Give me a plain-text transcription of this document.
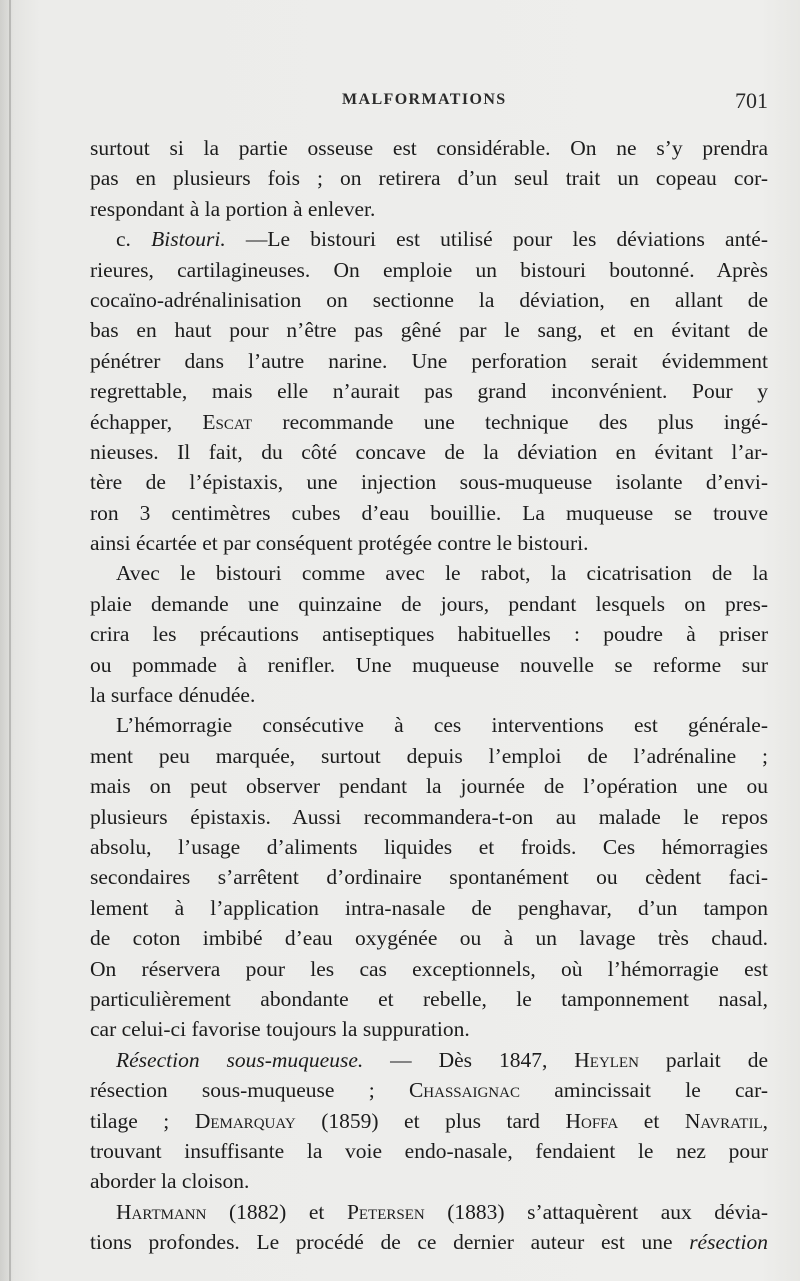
MALFORMATIONS	701
surtout si la partie osseuse est considérable. On ne s’y prendra
pas en plusieurs fois ; on retirera d’un seul trait un copeau cor-
respondant à la portion à enlever.
c. Bistouri. —Le bistouri est utilisé pour les déviations anté-
rieures, cartilagineuses. On emploie un bistouri boutonné. Après
cocaïno-adrénalinisation on sectionne la déviation, en allant de
bas en haut pour n’être pas gêné par le sang, et en évitant de
pénétrer dans l’autre narine. Une perforation serait évidemment
regrettable, mais elle n’aurait pas grand inconvénient. Pour y
échapper, Escat recommande une technique des plus ingé-
nieuses. Il fait, du côté concave de la déviation en évitant l’ar-
tère de l’épistaxis, une injection sous-muqueuse isolante d’envi-
ron 3 centimètres cubes d’eau bouillie. La muqueuse se trouve
ainsi écartée et par conséquent protégée contre le bistouri.
Avec le bistouri comme avec le rabot, la cicatrisation de la
plaie demande une quinzaine de jours, pendant lesquels on pres-
crira les précautions antiseptiques habituelles : poudre à priser
ou pommade à renifler. Une muqueuse nouvelle se reforme sur
la surface dénudée.
L’hémorragie consécutive à ces interventions est générale-
ment peu marquée, surtout depuis l’emploi de l’adrénaline ;
mais on peut observer pendant la journée de l’opération une ou
plusieurs épistaxis. Aussi recommandera-t-on au malade le repos
absolu, l’usage d’aliments liquides et froids. Ces hémorragies
secondaires s’arrêtent d’ordinaire spontanément ou cèdent faci-
lement à l’application intra-nasale de penghavar, d’un tampon
de coton imbibé d’eau oxygénée ou à un lavage très chaud.
On réservera pour les cas exceptionnels, où l’hémorragie est
particulièrement abondante et rebelle, le tamponnement nasal,
car celui-ci favorise toujours la suppuration.
Résection sous-muqueuse. — Dès 1847, Heylen parlait de
résection sous-muqueuse ; Chassaignac amincissait le car-
tilage ; Demarquay (1859) et plus tard Hoffa et Navratil,
trouvant insuffisante la voie endo-nasale, fendaient le nez pour
aborder la cloison.
Hartmann (1882) et Petersen (1883) s’attaquèrent aux dévia-
tions profondes. Le procédé de ce dernier auteur est une résection
